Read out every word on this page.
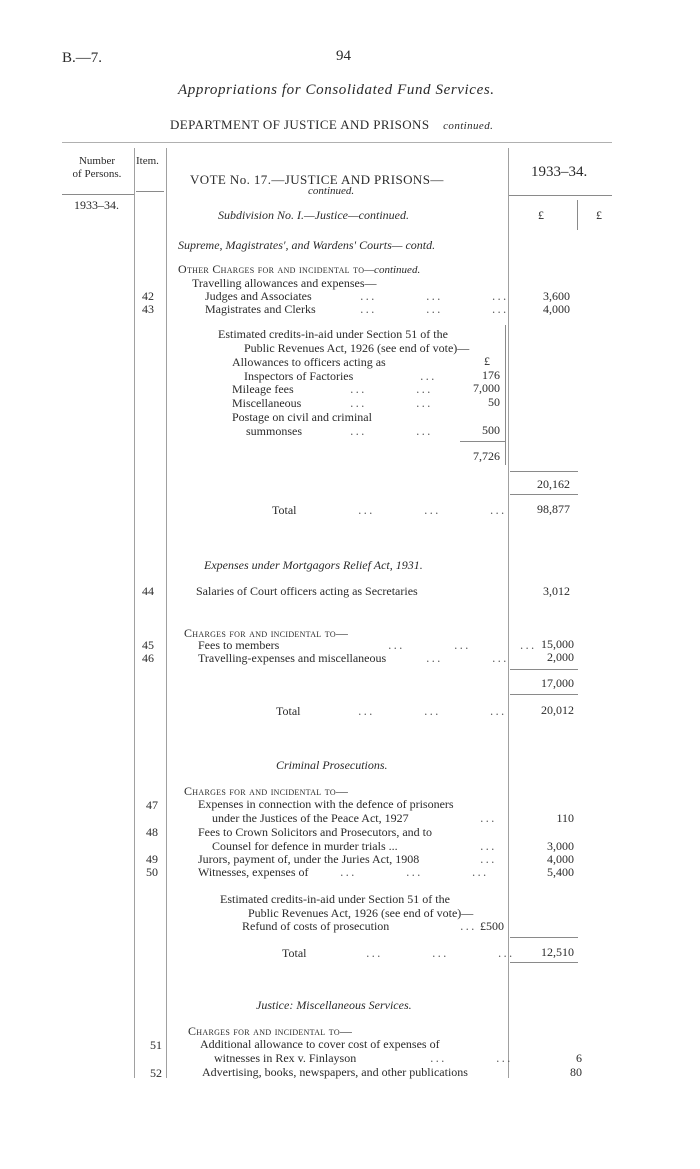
B.—7.	94
Appropriations for Consolidated Fund Services.
DEPARTMENT OF JUSTICE AND PRISONS continued.
Number
of Persons.
Item.
1933–34.
1933–34.
VOTE No. 17.—JUSTICE AND PRISONS—
continued.
Subdivision No. I.—Justice—continued.	£	£
Supreme, Magistrates', and Wardens' Courts— contd.
Other Charges for and incidental to—continued.
Travelling allowances and expenses—
42	Judges and Associates	...         ...         ...	3,600
43	Magistrates and Clerks	...         ...         ...	4,000
Estimated credits-in-aid under Section 51 of the
Public Revenues Act, 1926 (see end of vote)—
£
Allowances to officers acting as
Inspectors of Factories	...	176
Mileage fees	...         ...	7,000
Miscellaneous	...         ...	50
Postage on civil and criminal
summonses	...         ...	500
7,726
20,162
Total	...         ...         ...	98,877
Expenses under Mortgagors Relief Act, 1931.
44	Salaries of Court officers acting as Secretaries	3,012
Charges for and incidental to—
45	Fees to members	...         ...         ... 15,000
46	Travelling-expenses and miscellaneous	...         ...	2,000
17,000
Total	...         ...         ...	20,012
Criminal Prosecutions.
Charges for and incidental to—
47	Expenses in connection with the defence of prisoners
under the Justices of the Peace Act, 1927	...	110
48	Fees to Crown Solicitors and Prosecutors, and to
Counsel for defence in murder trials ...	...	3,000
49	Jurors, payment of, under the Juries Act, 1908	...	4,000
50	Witnesses, expenses of	...         ...         ...	5,400
Estimated credits-in-aid under Section 51 of the
Public Revenues Act, 1926 (see end of vote)—
Refund of costs of prosecution	... £500
Total	...         ...         ...	12,510
Justice: Miscellaneous Services.
Charges for and incidental to—
51	Additional allowance to cover cost of expenses of
witnesses in Rex v. Finlayson	...         ...	6
52	Advertising, books, newspapers, and other publications	80
